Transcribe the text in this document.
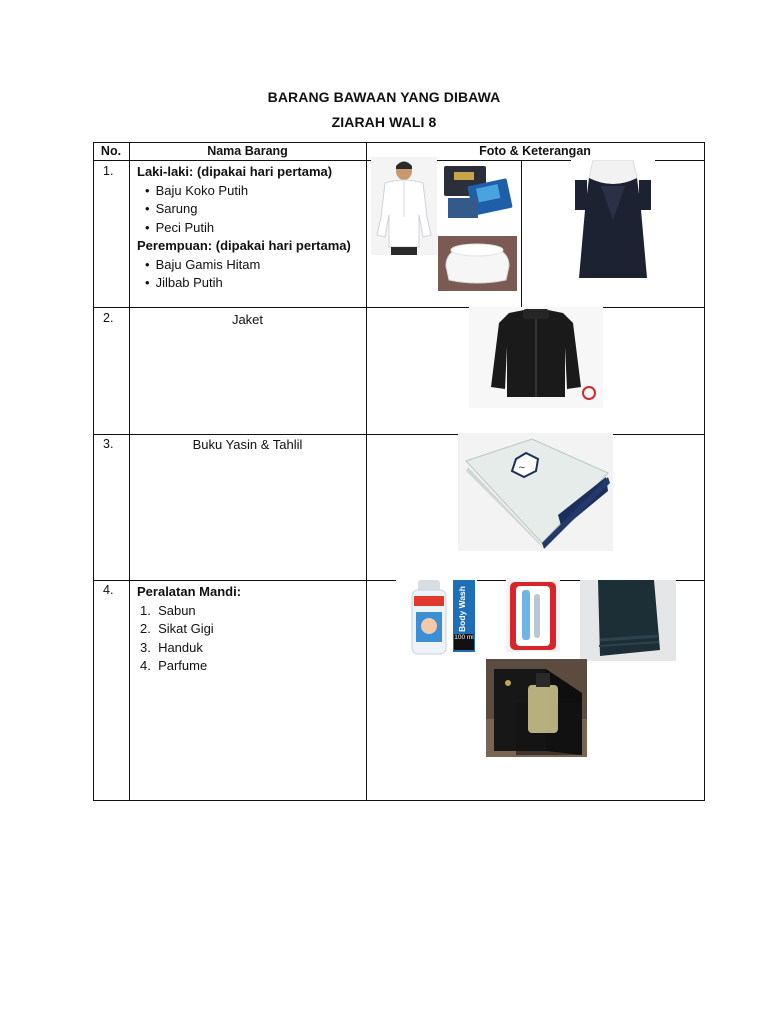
BARANG BAWAAN YANG DIBAWA
ZIARAH WALI 8
No.	Nama Barang	Foto & Keterangan
1. Laki-laki: (dipakai hari pertama)
• Baju Koko Putih
• Sarung
• Peci Putih
Perempuan: (dipakai hari pertama)
• Baju Gamis Hitam
• Jilbab Putih
2.	Jaket
3.	Buku Yasin & Tahlil
4. Peralatan Mandi:
1.  Sabun
2.  Sikat Gigi
3.  Handuk
4.  Parfume
~
Body Wash
100 ml
